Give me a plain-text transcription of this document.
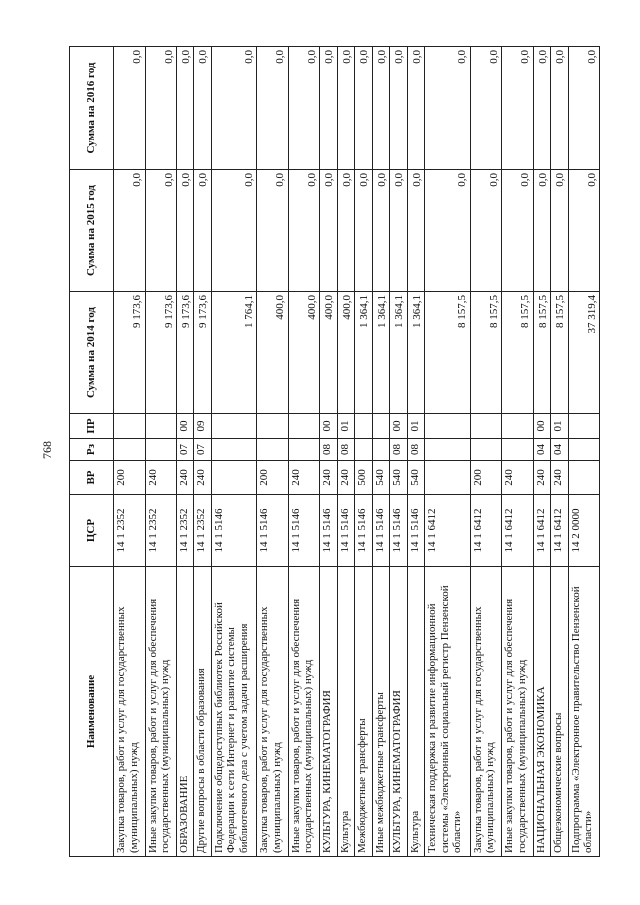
768
Наименование	ЦСР	ВР	Рз	ПР	Сумма на 2014 год	Сумма на 2015 год	Сумма на 2016 год
Закупка товаров, работ и услуг для государственных (муниципальных) нужд	14 1 2352	200			9 173,6	0,0	0,0
Иные закупки товаров, работ и услуг для обеспечения государственных (муниципальных) нужд	14 1 2352	240			9 173,6	0,0	0,0
ОБРАЗОВАНИЕ	14 1 2352	240	07	00	9 173,6	0,0	0,0
Другие вопросы в области образования	14 1 2352	240	07	09	9 173,6	0,0	0,0
Подключение общедоступных библиотек Российской Федерации к сети Интернет и развитие системы библиотечного дела с учетом задачи расширения	14 1 5146				1 764,1	0,0	0,0
Закупка товаров, работ и услуг для государственных (муниципальных) нужд	14 1 5146	200			400,0	0,0	0,0
Иные закупки товаров, работ и услуг для обеспечения государственных (муниципальных) нужд	14 1 5146	240			400,0	0,0	0,0
КУЛЬТУРА, КИНЕМАТОГРАФИЯ	14 1 5146	240	08	00	400,0	0,0	0,0
Культура	14 1 5146	240	08	01	400,0	0,0	0,0
Межбюджетные трансферты	14 1 5146	500			1 364,1	0,0	0,0
Иные межбюджетные трансферты	14 1 5146	540			1 364,1	0,0	0,0
КУЛЬТУРА, КИНЕМАТОГРАФИЯ	14 1 5146	540	08	00	1 364,1	0,0	0,0
Культура	14 1 5146	540	08	01	1 364,1	0,0	0,0
Техническая поддержка и развитие информационной системы «Электронный социальный регистр Пензенской области»	14 1 6412				8 157,5	0,0	0,0
Закупка товаров, работ и услуг для государственных (муниципальных) нужд	14 1 6412	200			8 157,5	0,0	0,0
Иные закупки товаров, работ и услуг для обеспечения государственных (муниципальных) нужд	14 1 6412	240			8 157,5	0,0	0,0
НАЦИОНАЛЬНАЯ ЭКОНОМИКА	14 1 6412	240	04	00	8 157,5	0,0	0,0
Общеэкономические вопросы	14 1 6412	240	04	01	8 157,5	0,0	0,0
Подпрограмма «Электронное правительство Пензенской области»	14 2 0000				37 319,4	0,0	0,0
